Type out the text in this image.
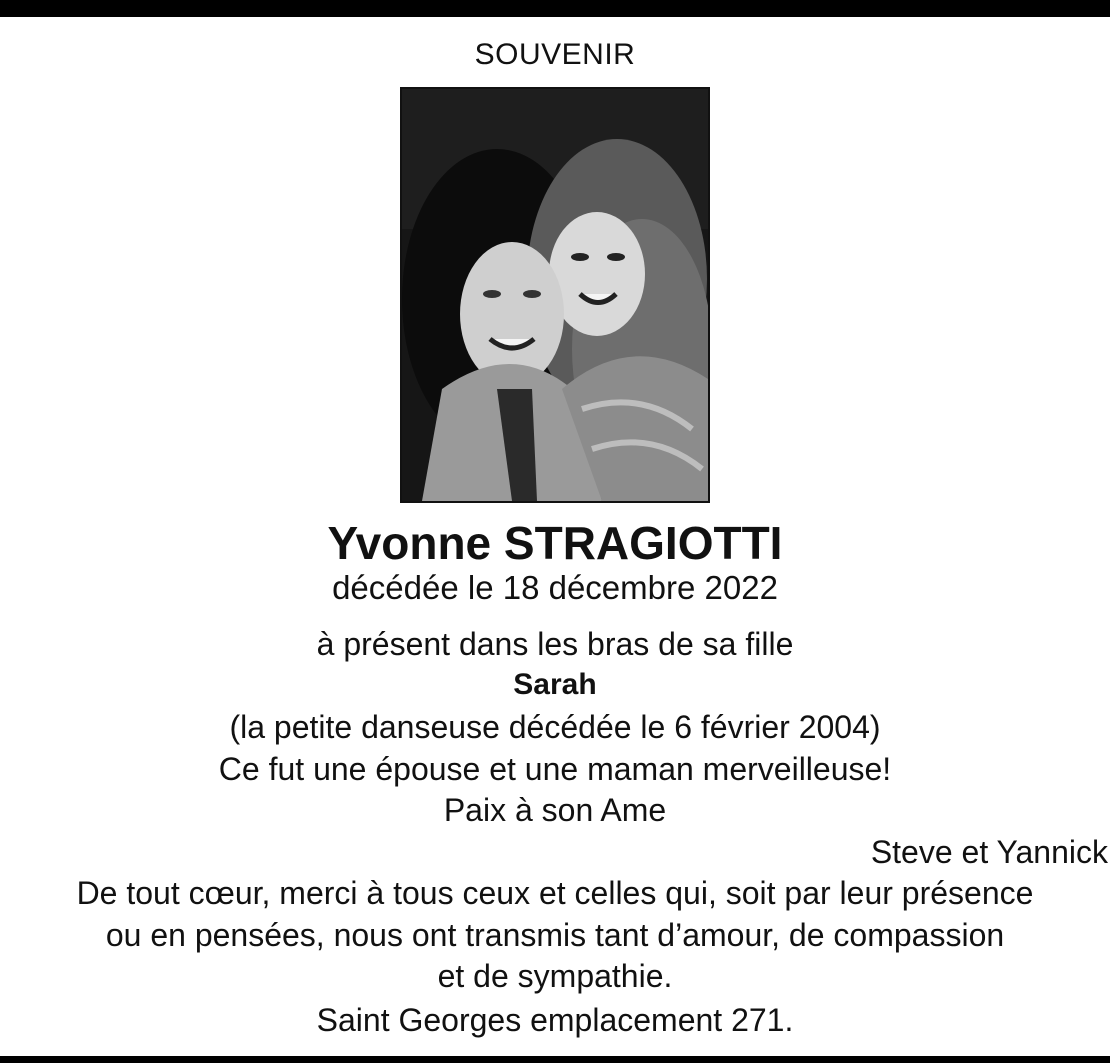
SOUVENIR
Yvonne STRAGIOTTI
décédée le 18 décembre 2022
à présent dans les bras de sa fille
Sarah
(la petite danseuse décédée le 6 février 2004)
Ce fut une épouse et une maman merveilleuse!
Paix à son Ame
Steve et Yannick
De tout cœur, merci à tous ceux et celles qui, soit par leur présence
ou en pensées, nous ont transmis tant d’amour, de compassion
et de sympathie.
Saint Georges emplacement 271.
